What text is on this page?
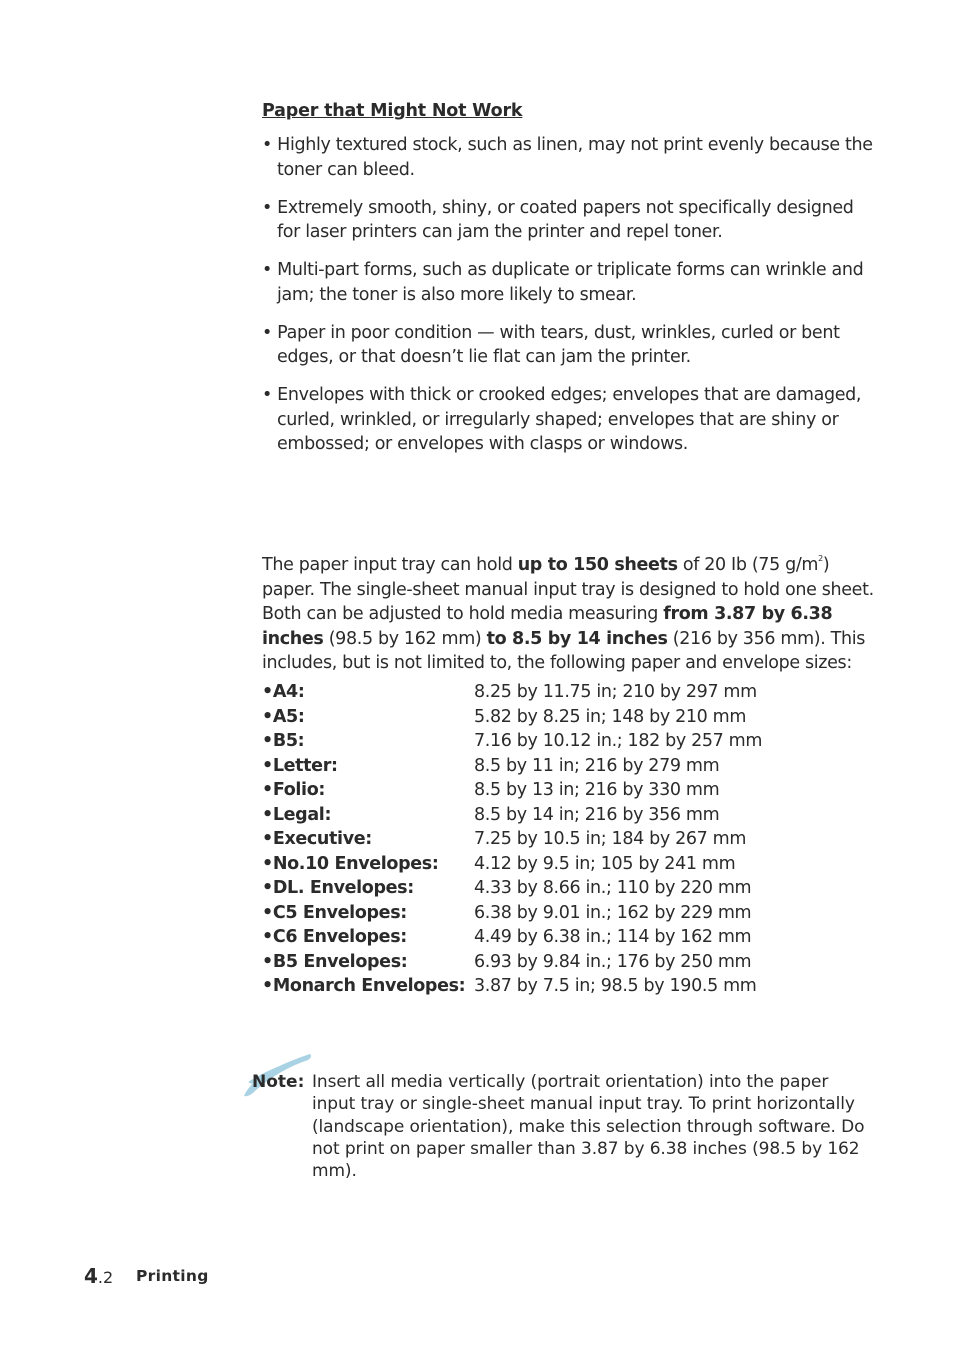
Paper that Might Not Work
• Highly textured stock, such as linen, may not print evenly because the toner can bleed.
• Extremely smooth, shiny, or coated papers not specifically designed for laser printers can jam the printer and repel toner.
• Multi-part forms, such as duplicate or triplicate forms can wrinkle and jam; the toner is also more likely to smear.
• Paper in poor condition — with tears, dust, wrinkles, curled or bent edges, or that doesn’t lie flat can jam the printer.
• Envelopes with thick or crooked edges; envelopes that are damaged, curled, wrinkled, or irregularly shaped; envelopes that are shiny or embossed; or envelopes with clasps or windows.

The paper input tray can hold up to 150 sheets of 20 Ib (75 $g/m^2$) paper. The single-sheet manual input tray is designed to hold one sheet. Both can be adjusted to hold media measuring from 3.87 by 6.38 inches (98.5 by 162 mm) to 8.5 by 14 inches (216 by 356 mm). This includes, but is not limited to, the following paper and envelope sizes:

•A4:	8.25 by 11.75 in; 210 by 297 mm
•A5:	5.82 by 8.25 in; 148 by 210 mm
•B5:	7.16 by 10.12 in.; 182 by 257 mm
•Letter:	8.5 by 11 in; 216 by 279 mm
•Folio:	8.5 by 13 in; 216 by 330 mm
•Legal:	8.5 by 14 in; 216 by 356 mm
•Executive:	7.25 by 10.5 in; 184 by 267 mm
•No.10 Envelopes: 4.12 by 9.5 in; 105 by 241 mm
•DL. Envelopes:	4.33 by 8.66 in.; 110 by 220 mm
•C5 Envelopes:	6.38 by 9.01 in.; 162 by 229 mm
•C6 Envelopes:	4.49 by 6.38 in.; 114 by 162 mm
•B5 Envelopes:	6.93 by 9.84 in.; 176 by 250 mm
•Monarch Envelopes: 3.87 by 7.5 in; 98.5 by 190.5 mm
Note: Insert all media vertically (portrait orientation) into the paper input tray or single-sheet manual input tray. To print horizontally (landscape orientation), make this selection through software. Do not print on paper smaller than 3.87 by 6.38 inches (98.5 by 162 mm).

4.2 Printing
